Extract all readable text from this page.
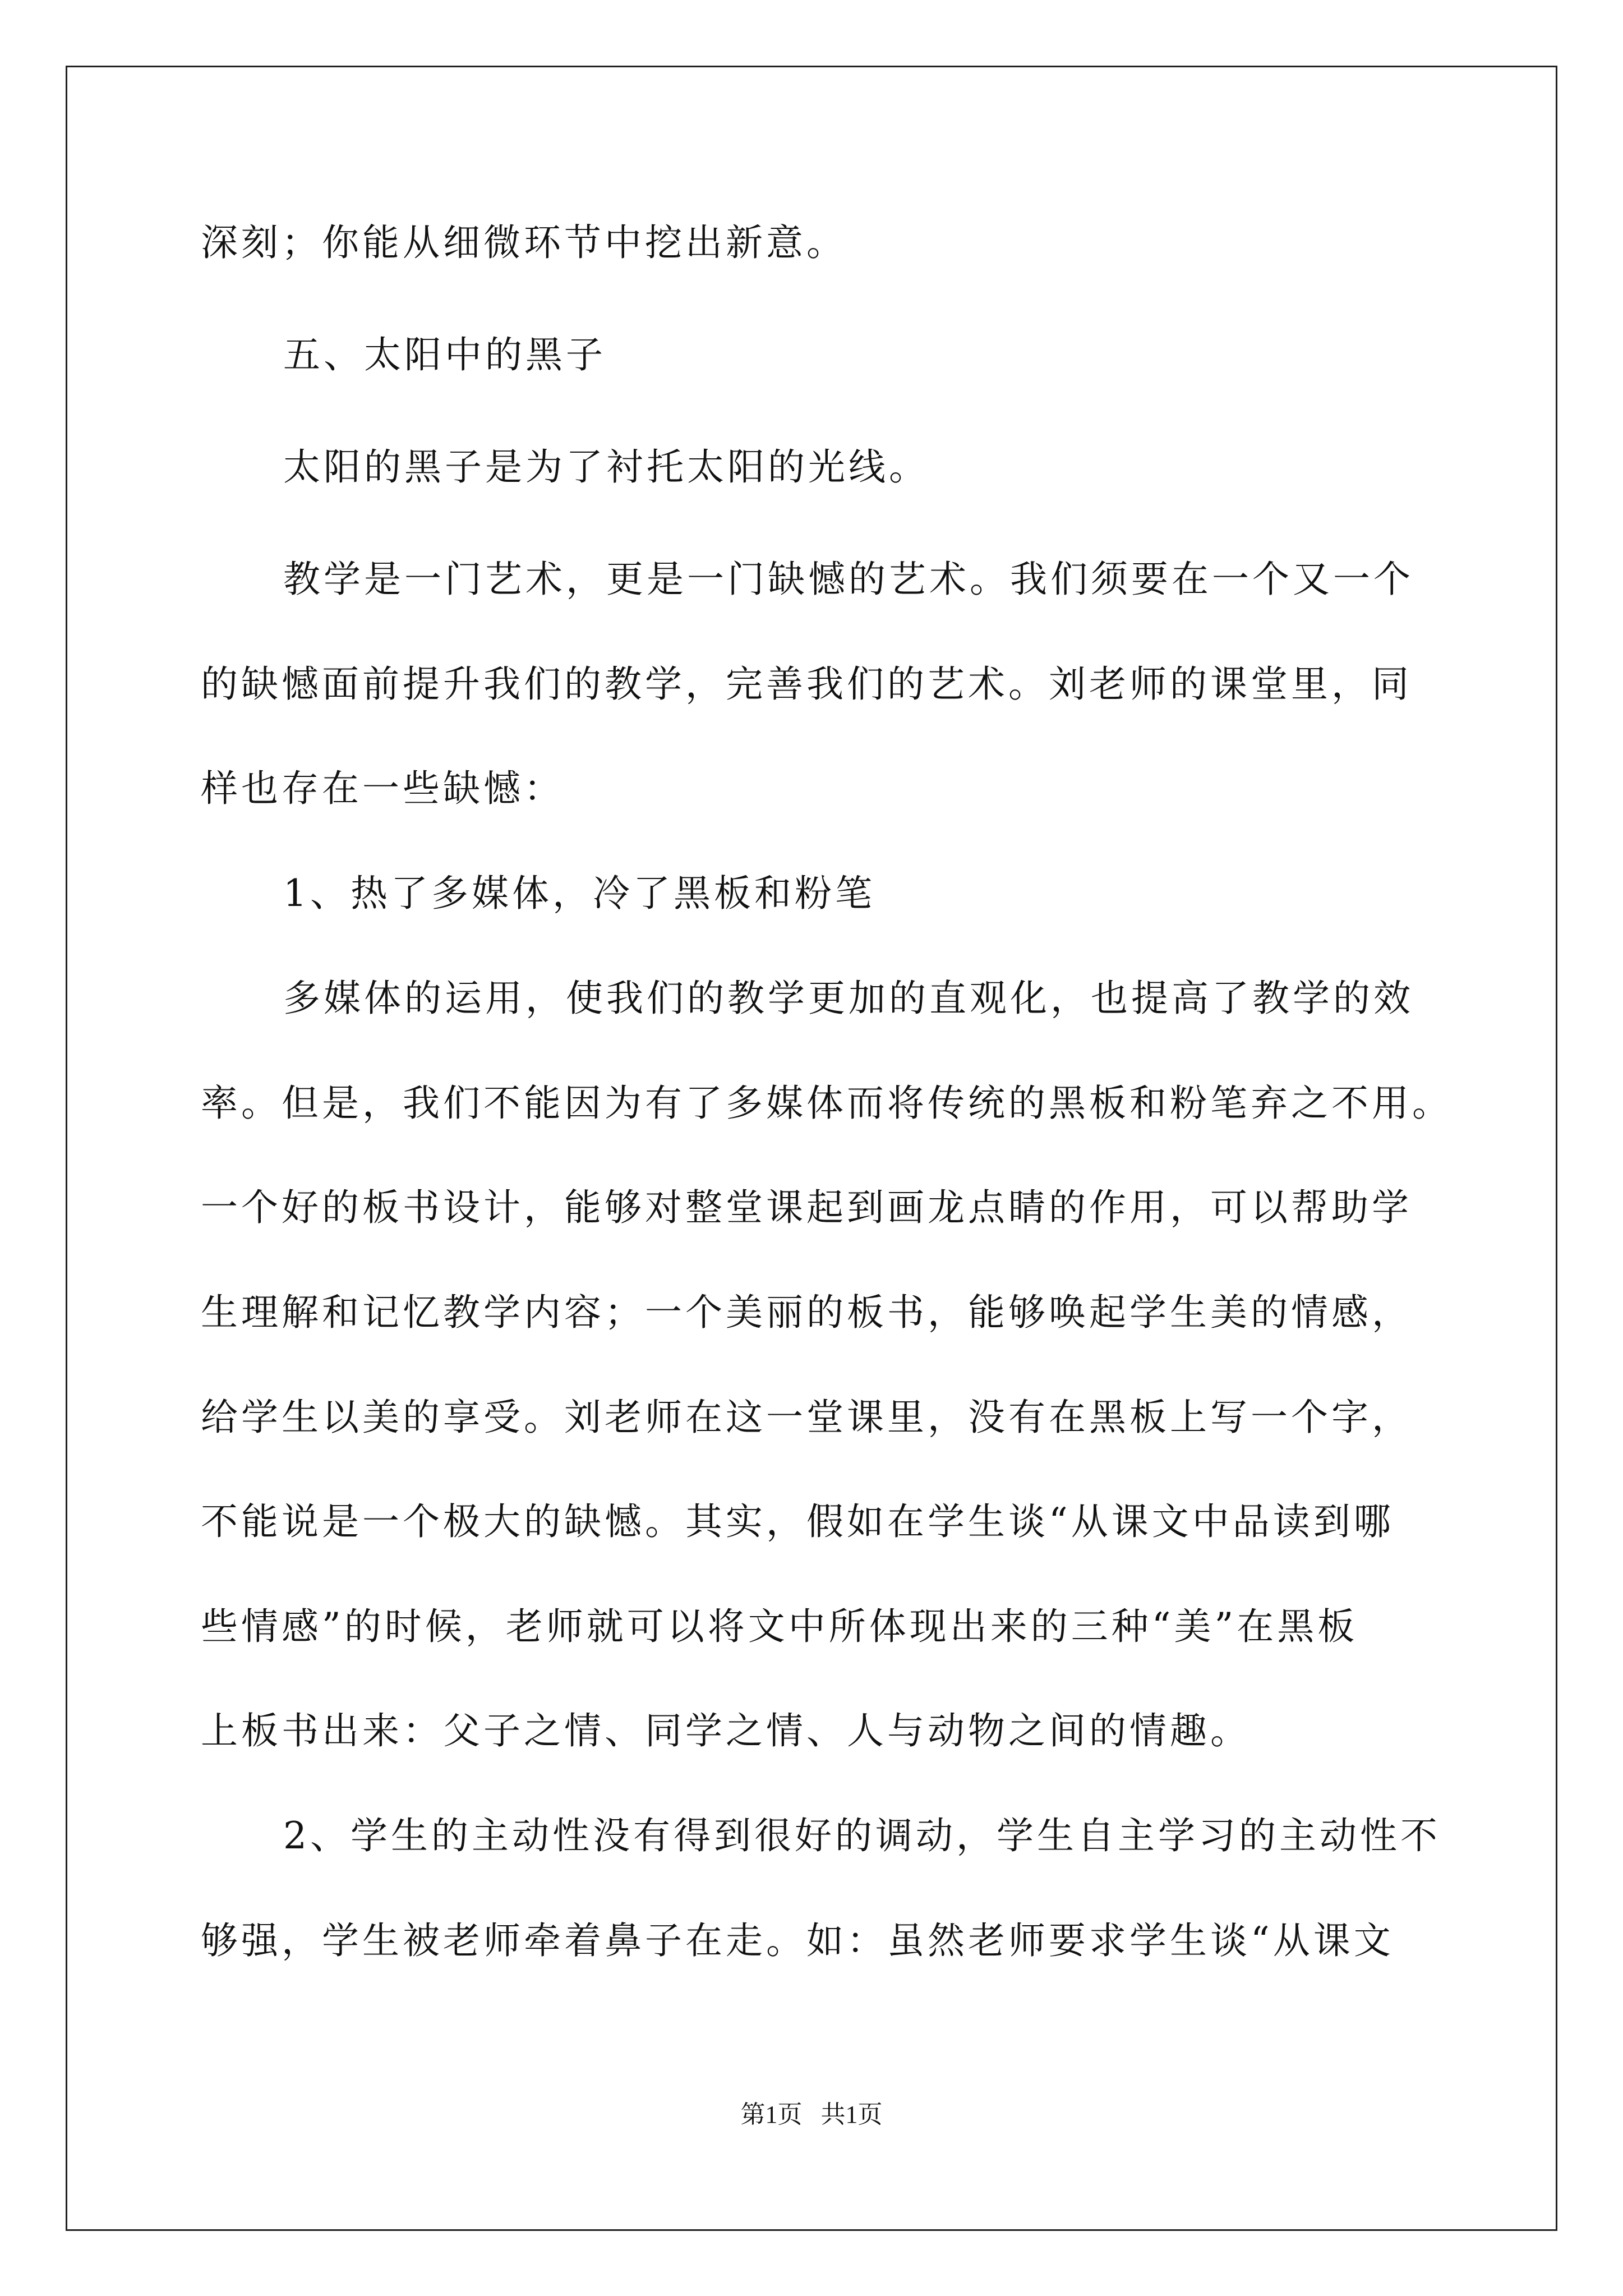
深刻；你能从细微环节中挖出新意。

五、太阳中的黑子

太阳的黑子是为了衬托太阳的光线。

教学是一门艺术，更是一门缺憾的艺术。我们须要在一个又一个

的缺憾面前提升我们的教学，完善我们的艺术。刘老师的课堂里，同

样也存在一些缺憾：

1、热了多媒体，冷了黑板和粉笔

多媒体的运用，使我们的教学更加的直观化，也提高了教学的效

率。但是，我们不能因为有了多媒体而将传统的黑板和粉笔弃之不用。

一个好的板书设计，能够对整堂课起到画龙点睛的作用，可以帮助学

生理解和记忆教学内容；一个美丽的板书，能够唤起学生美的情感，

给学生以美的享受。刘老师在这一堂课里，没有在黑板上写一个字，

不能说是一个极大的缺憾。其实，假如在学生谈“从课文中品读到哪

些情感”的时候，老师就可以将文中所体现出来的三种“美”在黑板

上板书出来：父子之情、同学之情、人与动物之间的情趣。

2、学生的主动性没有得到很好的调动，学生自主学习的主动性不

够强，学生被老师牵着鼻子在走。如：虽然老师要求学生谈“从课文

第1页   共1页
